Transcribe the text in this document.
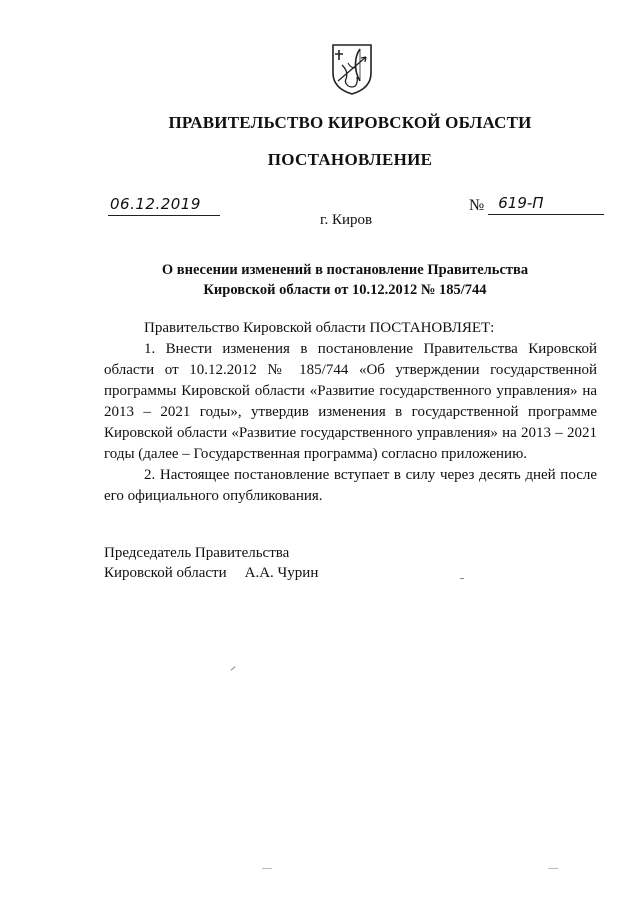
ПРАВИТЕЛЬСТВО КИРОВСКОЙ ОБЛАСТИ
ПОСТАНОВЛЕНИЕ
06.12.2019	№ 619-П
г. Киров
О внесении изменений в постановление Правительства
Кировской области от 10.12.2012 № 185/744

Правительство Кировской области ПОСТАНОВЛЯЕТ:

1. Внести изменения в постановление Правительства Кировской области от 10.12.2012 № 185/744 «Об утверждении государственной программы Кировской области «Развитие государственного управления» на 2013 – 2021 годы», утвердив изменения в государственной программе Кировской области «Развитие государственного управления» на 2013 – 2021 годы (далее – Государственная программа) согласно приложению.

2. Настоящее постановление вступает в силу через десять дней после его официального опубликования.

Председатель Правительства
Кировской области А.А. Чурин
